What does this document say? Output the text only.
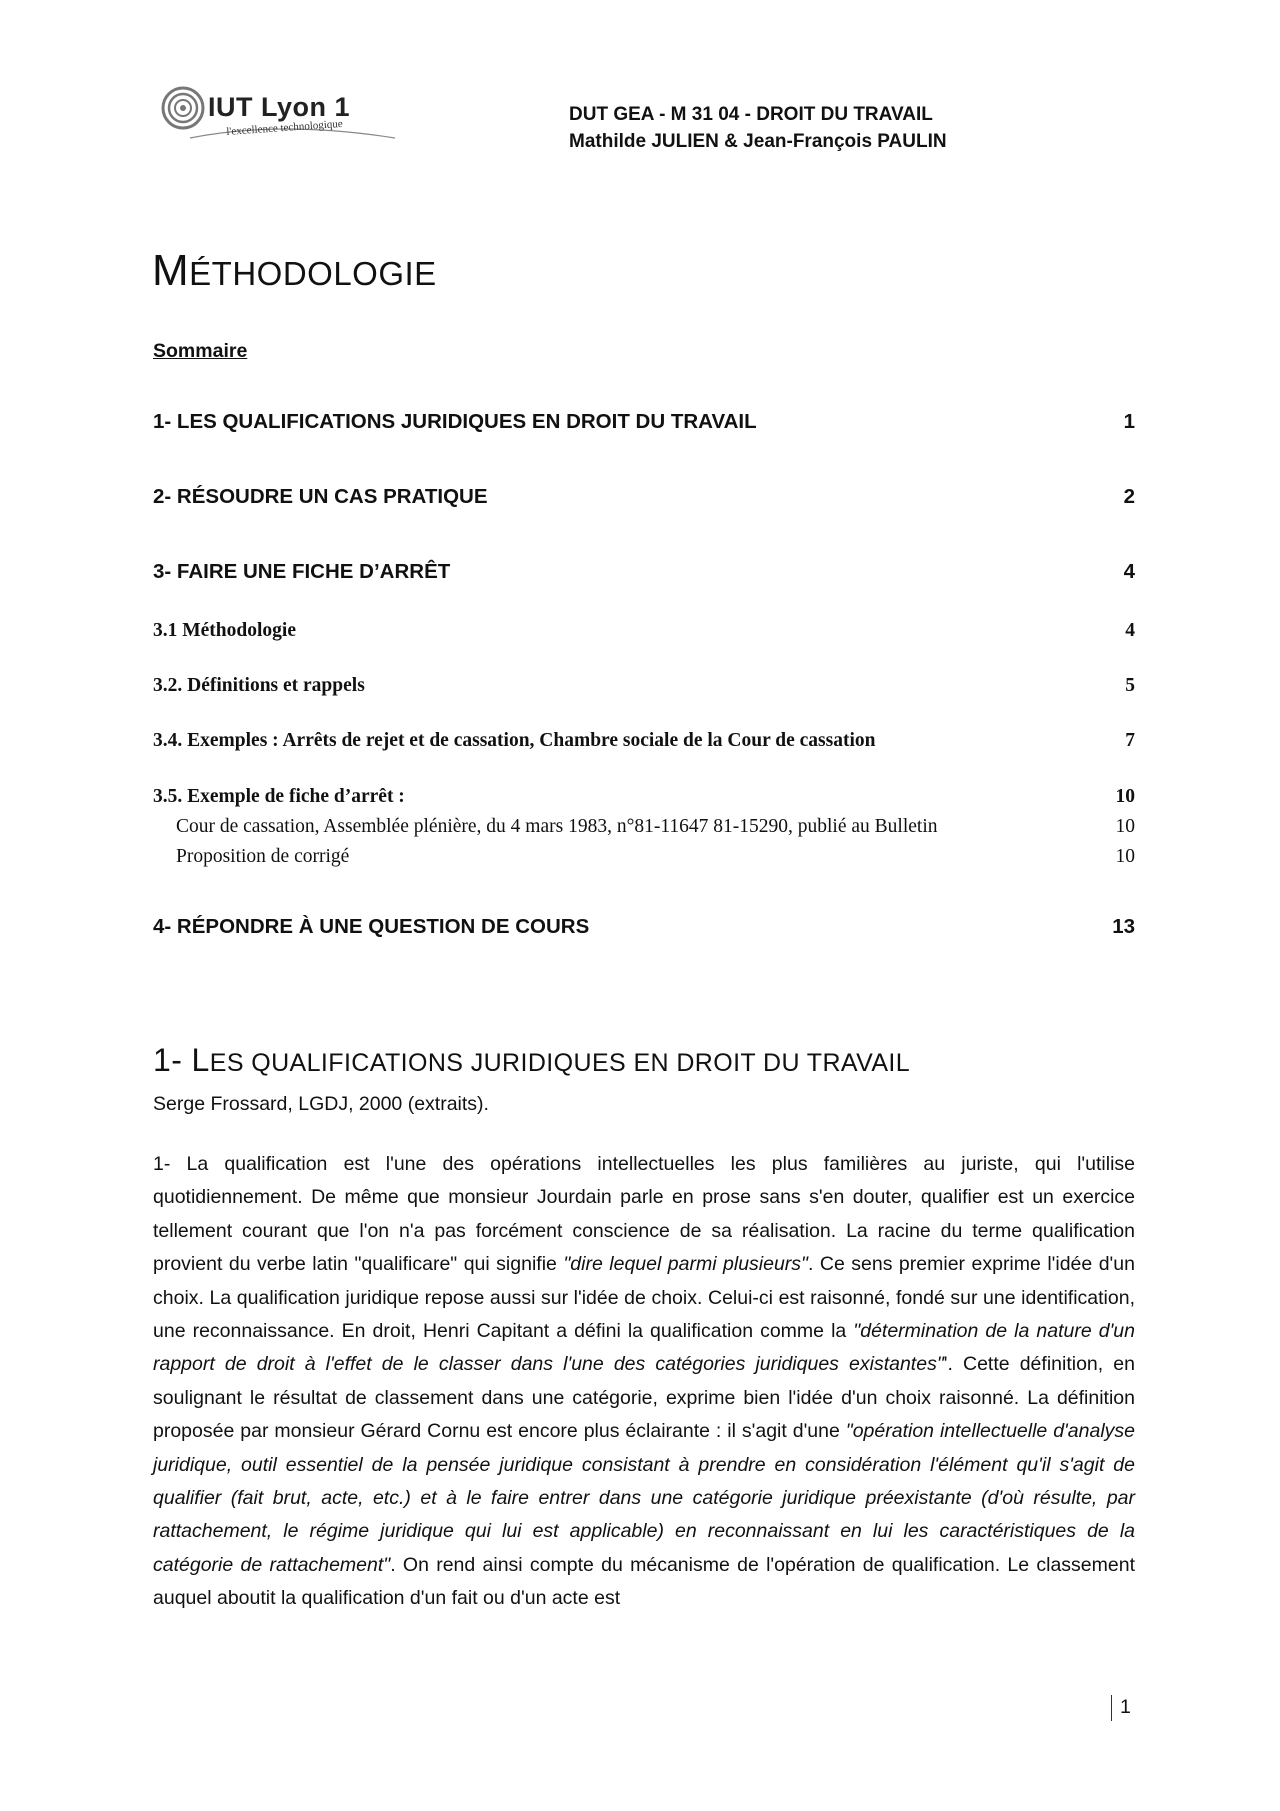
IUT Lyon 1
l'excellence technologique
DUT GEA - M 31 04 - DROIT DU TRAVAIL
Mathilde JULIEN & Jean-François PAULIN
MÉTHODOLOGIE
Sommaire
1- LES QUALIFICATIONS JURIDIQUES EN DROIT DU TRAVAIL	1
2- RÉSOUDRE UN CAS PRATIQUE	2
3- FAIRE UNE FICHE D’ARRÊT	4
3.1 Méthodologie	4
3.2. Définitions et rappels	5
3.4. Exemples : Arrêts de rejet et de cassation, Chambre sociale de la Cour de cassation	7
3.5. Exemple de fiche d’arrêt :	10
Cour de cassation, Assemblée plénière, du 4 mars 1983, n°81-11647 81-15290, publié au Bulletin	10
Proposition de corrigé	10
4- RÉPONDRE À UNE QUESTION DE COURS	13
1- LES QUALIFICATIONS JURIDIQUES EN DROIT DU TRAVAIL
Serge Frossard, LGDJ, 2000 (extraits).

1- La qualification est l'une des opérations intellectuelles les plus familières au juriste, qui l'utilise quotidiennement. De même que monsieur Jourdain parle en prose sans s'en douter, qualifier est un exercice tellement courant que l'on n'a pas forcément conscience de sa réalisation. La racine du terme qualification provient du verbe latin "qualificare" qui signifie "dire lequel parmi plusieurs". Ce sens premier exprime l'idée d'un choix. La qualification juridique repose aussi sur l'idée de choix. Celui-ci est raisonné, fondé sur une identification, une reconnaissance. En droit, Henri Capitant a défini la qualification comme la "détermination de la nature d'un rapport de droit à l'effet de le classer dans l'une des catégories juridiques existantes"'. Cette définition, en soulignant le résultat de classement dans une catégorie, exprime bien l'idée d'un choix raisonné. La définition proposée par monsieur Gérard Cornu est encore plus éclairante : il s'agit d'une "opération intellectuelle d'analyse juridique, outil essentiel de la pensée juridique consistant à prendre en considération l'élément qu'il s'agit de qualifier (fait brut, acte, etc.) et à le faire entrer dans une catégorie juridique préexistante (d'où résulte, par rattachement, le régime juridique qui lui est applicable) en reconnaissant en lui les caractéristiques de la catégorie de rattachement". On rend ainsi compte du mécanisme de l'opération de qualification. Le classement auquel aboutit la qualification d'un fait ou d'un acte est

1
